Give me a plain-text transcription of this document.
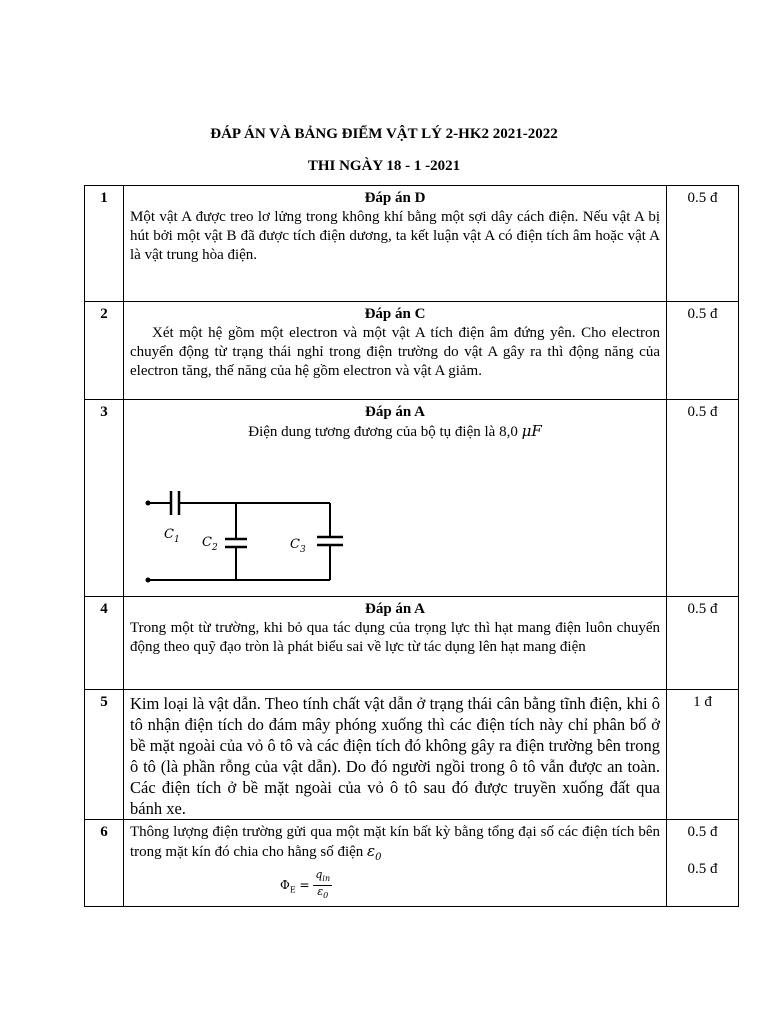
ĐÁP ÁN VÀ BẢNG ĐIỂM VẬT LÝ 2-HK2 2021-2022
THI NGÀY 18 - 1 -2021
1	Đáp án D
Một vật A được treo lơ lửng trong không khí bằng một sợi dây cách điện. Nếu vật A bị hút bởi một vật B đã được tích điện dương, ta kết luận vật A có điện tích âm hoặc vật A là vật trung hòa điện.	0.5 đ
2	Đáp án C
Xét một hệ gồm một electron và một vật A tích điện âm đứng yên. Cho electron chuyển động từ trạng thái nghỉ trong điện trường do vật A gây ra thì động năng của electron tăng, thế năng của hệ gồm electron và vật A giảm.	0.5 đ
3	Đáp án A
Điện dung tương đương của bộ tụ điện là 8,0 μF
$C_1$ $C_2$ $C_3$	0.5 đ
4	Đáp án A
Trong một từ trường, khi bỏ qua tác dụng của trọng lực thì hạt mang điện luôn chuyển động theo quỹ đạo tròn là phát biểu sai về lực từ tác dụng lên hạt mang điện	0.5 đ
5	Kim loại là vật dẫn. Theo tính chất vật dẫn ở trạng thái cân bằng tĩnh điện, khi ô tô nhận điện tích do đám mây phóng xuống thì các điện tích này chỉ phân bố ở bề mặt ngoài của vỏ ô tô và các điện tích đó không gây ra điện trường bên trong ô tô (là phần rỗng của vật dẫn). Do đó người ngồi trong ô tô vẫn được an toàn. Các điện tích ở bề mặt ngoài của vỏ ô tô sau đó được truyền xuống đất qua bánh xe.	1 đ
6	Thông lượng điện trường gửi qua một mặt kín bất kỳ bằng tổng đại số các điện tích bên trong mặt kín đó chia cho hằng số điện $\varepsilon_0$
$\Phi_E = \frac{q_{in}}{\varepsilon_0}$	0.5 đ
0.5 đ
